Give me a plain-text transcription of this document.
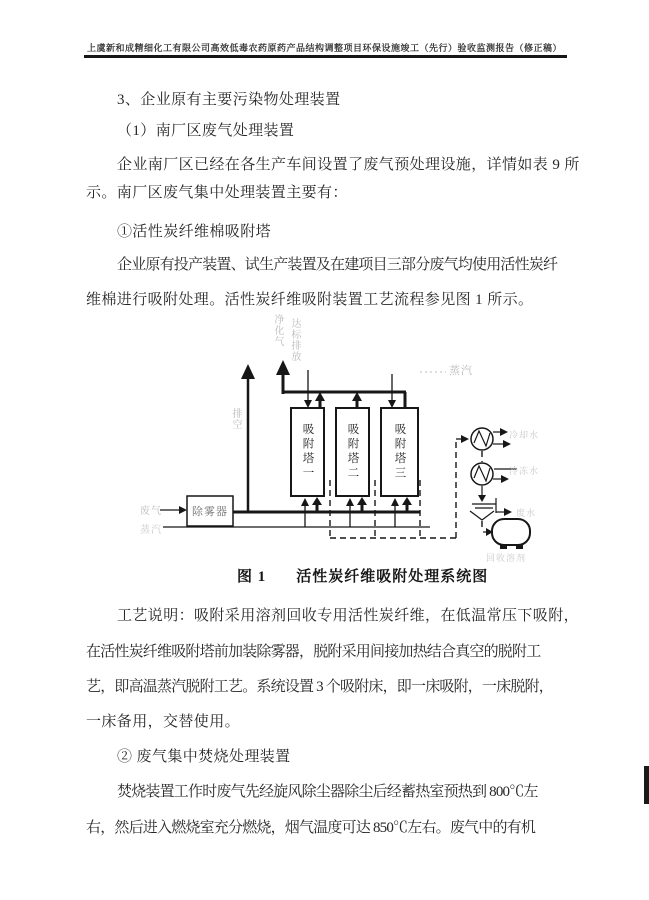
上虞新和成精细化工有限公司高效低毒农药原药产品结构调整项目环保设施竣工（先行）验收监测报告（修正稿）
3、企业原有主要污染物处理装置
（1）南厂区废气处理装置
企业南厂区已经在各生产车间设置了废气预处理设施，详情如表 9 所
示。南厂区废气集中处理装置主要有：
①活性炭纤维棉吸附塔
企业原有投产装置、试生产装置及在建项目三部分废气均使用活性炭纤
维棉进行吸附处理。活性炭纤维吸附装置工艺流程参见图 1 所示。
工艺说明：吸附采用溶剂回收专用活性炭纤维，在低温常压下吸附，
在活性炭纤维吸附塔前加装除雾器，脱附采用间接加热结合真空的脱附工
艺，即高温蒸汽脱附工艺。系统设置 3 个吸附床，即一床吸附，一床脱附，
一床备用，交替使用。
② 废气集中焚烧处理装置
焚烧装置工作时废气先经旋风除尘器除尘后经蓄热室预热到 800℃左
右，然后进入燃烧室充分燃烧，烟气温度可达 850℃左右。废气中的有机
净化气 达标排放
排空
蒸汽
废气
蒸汽
除雾器
吸附塔一	吸附塔二	吸附塔三	冷却水
冷冻水
废水
回收溶剂
图 1 活性炭纤维吸附处理系统图
